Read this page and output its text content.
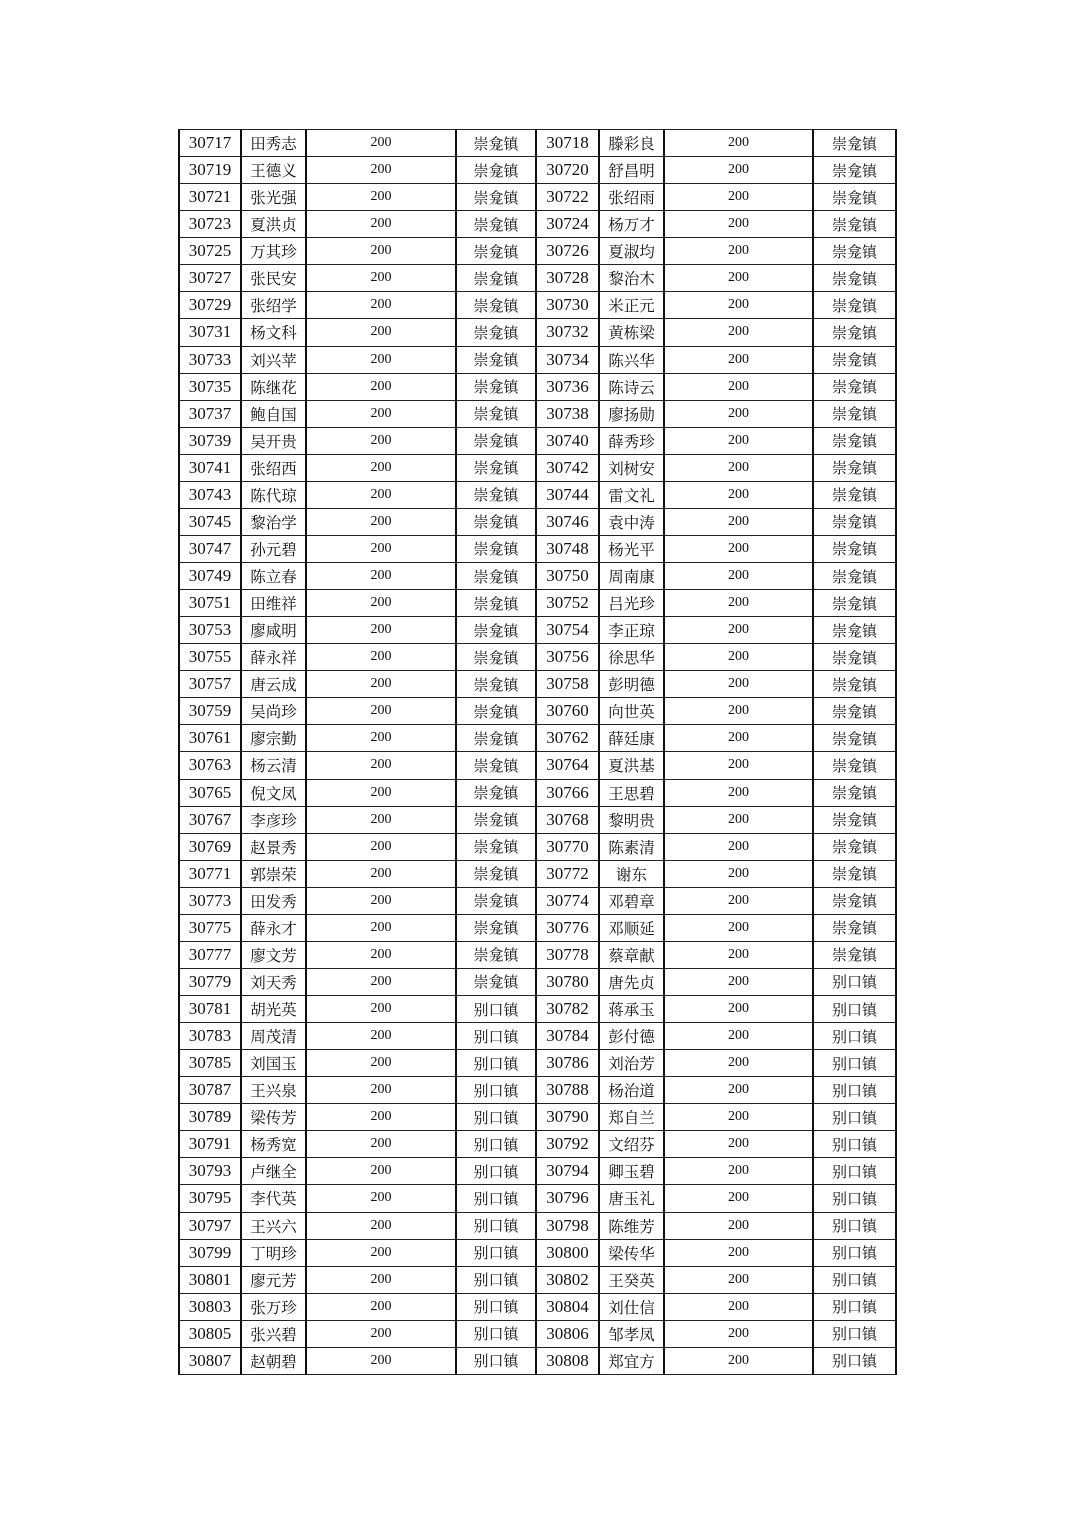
30717	田秀志	200	崇龛镇	30718	滕彩良	200	崇龛镇
30719	王德义	200	崇龛镇	30720	舒昌明	200	崇龛镇
30721	张光强	200	崇龛镇	30722	张绍雨	200	崇龛镇
30723	夏洪贞	200	崇龛镇	30724	杨万才	200	崇龛镇
30725	万其珍	200	崇龛镇	30726	夏淑均	200	崇龛镇
30727	张民安	200	崇龛镇	30728	黎治木	200	崇龛镇
30729	张绍学	200	崇龛镇	30730	米正元	200	崇龛镇
30731	杨文科	200	崇龛镇	30732	黄栋梁	200	崇龛镇
30733	刘兴苹	200	崇龛镇	30734	陈兴华	200	崇龛镇
30735	陈继花	200	崇龛镇	30736	陈诗云	200	崇龛镇
30737	鲍自国	200	崇龛镇	30738	廖扬勋	200	崇龛镇
30739	吴开贵	200	崇龛镇	30740	薛秀珍	200	崇龛镇
30741	张绍西	200	崇龛镇	30742	刘树安	200	崇龛镇
30743	陈代琼	200	崇龛镇	30744	雷文礼	200	崇龛镇
30745	黎治学	200	崇龛镇	30746	袁中涛	200	崇龛镇
30747	孙元碧	200	崇龛镇	30748	杨光平	200	崇龛镇
30749	陈立春	200	崇龛镇	30750	周南康	200	崇龛镇
30751	田维祥	200	崇龛镇	30752	吕光珍	200	崇龛镇
30753	廖咸明	200	崇龛镇	30754	李正琼	200	崇龛镇
30755	薛永祥	200	崇龛镇	30756	徐思华	200	崇龛镇
30757	唐云成	200	崇龛镇	30758	彭明德	200	崇龛镇
30759	吴尚珍	200	崇龛镇	30760	向世英	200	崇龛镇
30761	廖宗勤	200	崇龛镇	30762	薛廷康	200	崇龛镇
30763	杨云清	200	崇龛镇	30764	夏洪基	200	崇龛镇
30765	倪文凤	200	崇龛镇	30766	王思碧	200	崇龛镇
30767	李彦珍	200	崇龛镇	30768	黎明贵	200	崇龛镇
30769	赵景秀	200	崇龛镇	30770	陈素清	200	崇龛镇
30771	郭崇荣	200	崇龛镇	30772	谢东	200	崇龛镇
30773	田发秀	200	崇龛镇	30774	邓碧章	200	崇龛镇
30775	薛永才	200	崇龛镇	30776	邓顺延	200	崇龛镇
30777	廖文芳	200	崇龛镇	30778	蔡章献	200	崇龛镇
30779	刘天秀	200	崇龛镇	30780	唐先贞	200	别口镇
30781	胡光英	200	别口镇	30782	蒋承玉	200	别口镇
30783	周茂清	200	别口镇	30784	彭付德	200	别口镇
30785	刘国玉	200	别口镇	30786	刘治芳	200	别口镇
30787	王兴泉	200	别口镇	30788	杨治道	200	别口镇
30789	梁传芳	200	别口镇	30790	郑自兰	200	别口镇
30791	杨秀宽	200	别口镇	30792	文绍芬	200	别口镇
30793	卢继全	200	别口镇	30794	卿玉碧	200	别口镇
30795	李代英	200	别口镇	30796	唐玉礼	200	别口镇
30797	王兴六	200	别口镇	30798	陈维芳	200	别口镇
30799	丁明珍	200	别口镇	30800	梁传华	200	别口镇
30801	廖元芳	200	别口镇	30802	王癸英	200	别口镇
30803	张万珍	200	别口镇	30804	刘仕信	200	别口镇
30805	张兴碧	200	别口镇	30806	邹孝凤	200	别口镇
30807	赵朝碧	200	别口镇	30808	郑宜方	200	别口镇
